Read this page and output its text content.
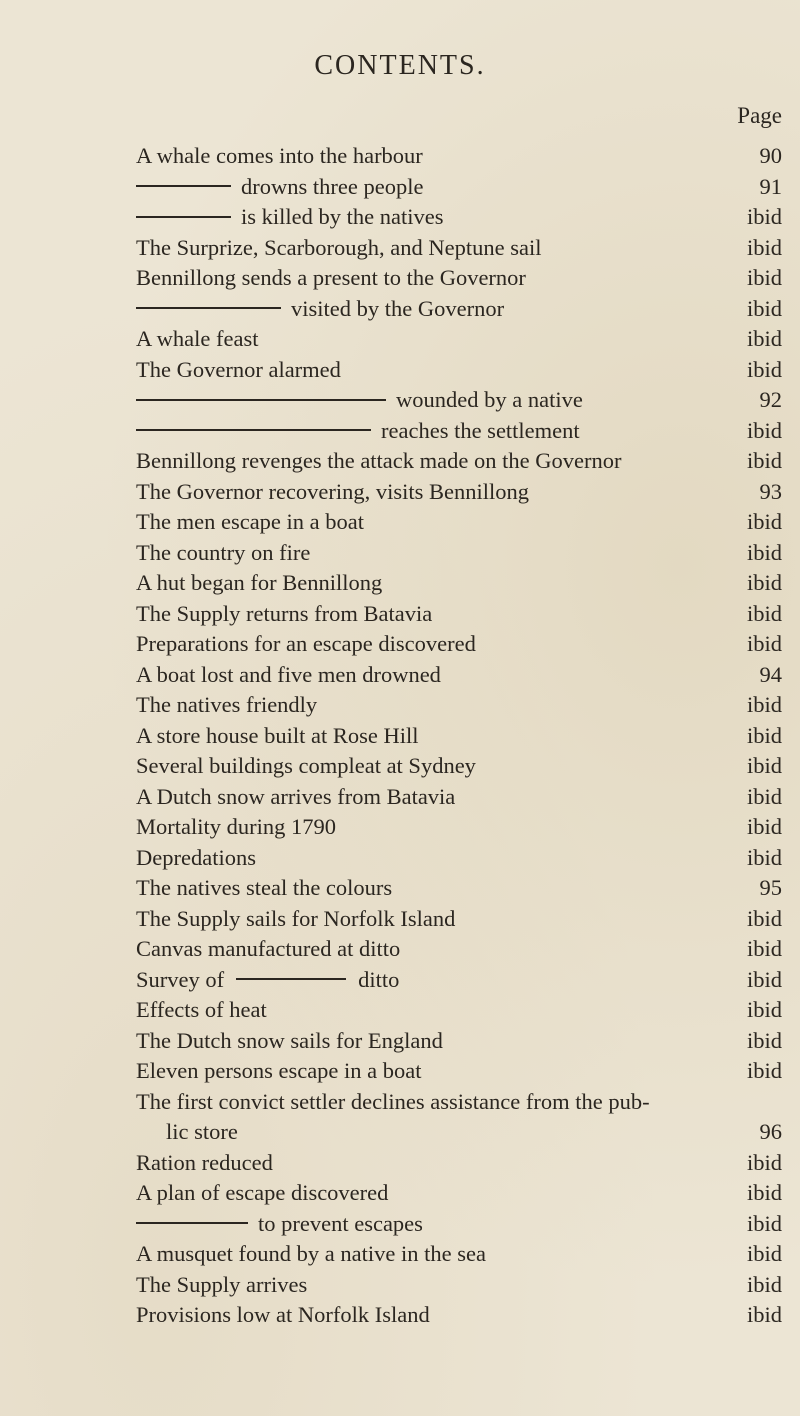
CONTENTS.
Page
A whale comes into the harbour	90
drowns three people	91
is killed by the natives	ibid
The Surprize, Scarborough, and Neptune sail	ibid
Bennillong sends a present to the Governor	ibid
visited by the Governor	ibid
A whale feast	ibid
The Governor alarmed	ibid
wounded by a native	92
reaches the settlement	ibid
Bennillong revenges the attack made on the Governor	ibid
The Governor recovering, visits Bennillong	93
The men escape in a boat	ibid
The country on fire	ibid
A hut began for Bennillong	ibid
The Supply returns from Batavia	ibid
Preparations for an escape discovered	ibid
A boat lost and five men drowned	94
The natives friendly	ibid
A store house built at Rose Hill	ibid
Several buildings compleat at Sydney	ibid
A Dutch snow arrives from Batavia	ibid
Mortality during 1790	ibid
Depredations	ibid
The natives steal the colours	95
The Supply sails for Norfolk Island	ibid
Canvas manufactured at ditto	ibid
Survey of	ditto	ibid
Effects of heat	ibid
The Dutch snow sails for England	ibid
Eleven persons escape in a boat	ibid
The first convict settler declines assistance from the pub-
lic store	96
Ration reduced	ibid
A plan of escape discovered	ibid
to prevent escapes	ibid
A musquet found by a native in the sea	ibid
The Supply arrives	ibid
Provisions low at Norfolk Island	ibid
